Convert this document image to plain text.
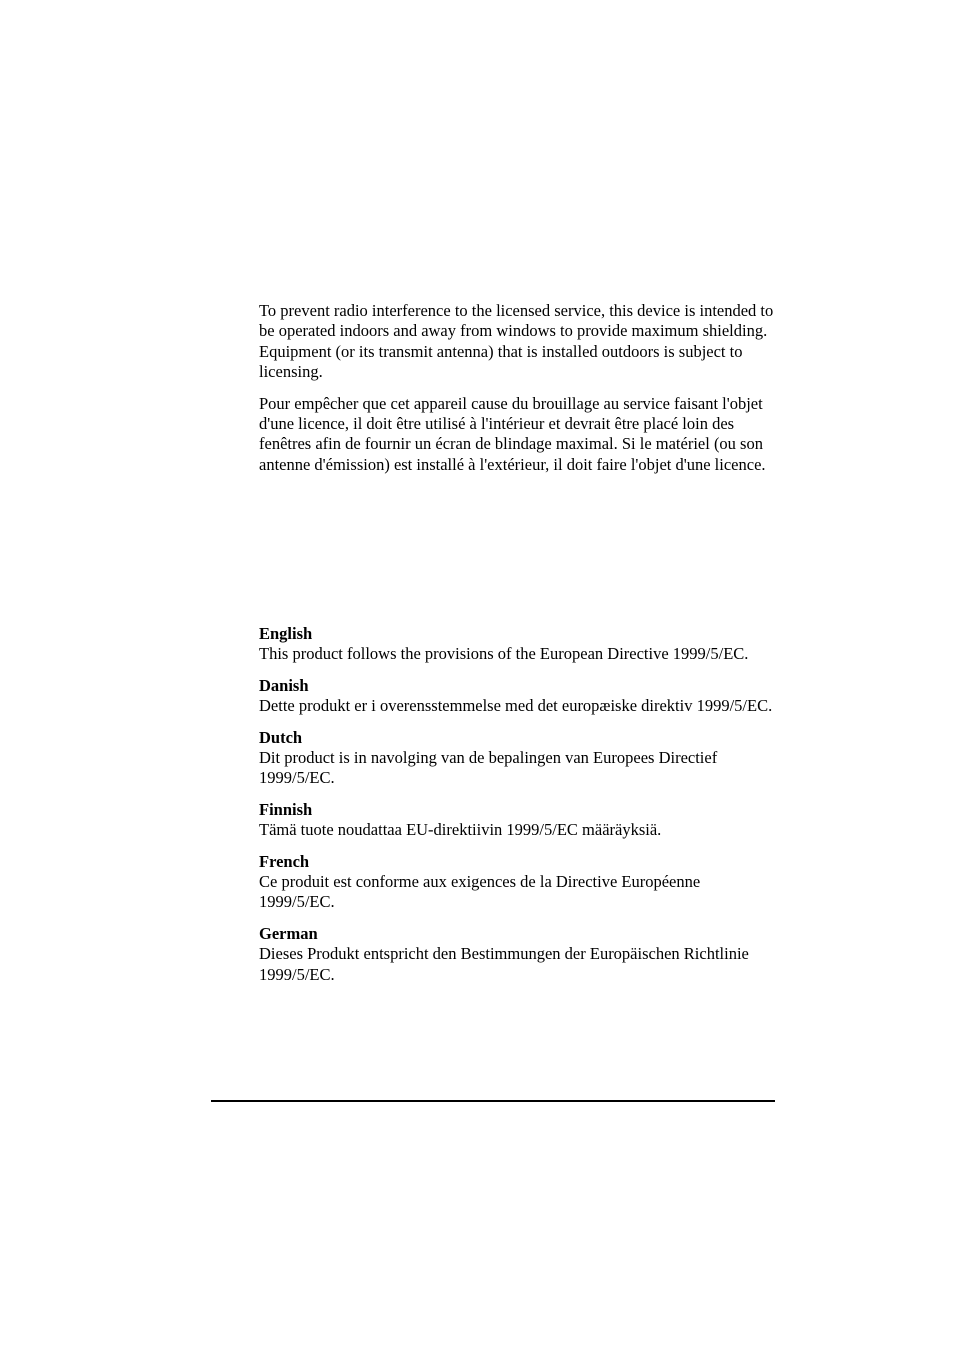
To prevent radio interference to the licensed service, this device is intended to be operated indoors and away from windows to provide maximum shielding. Equipment (or its transmit antenna) that is installed outdoors is subject to licensing.

Pour empêcher que cet appareil cause du brouillage au service faisant l'objet d'une licence, il doit être utilisé à l'intérieur et devrait être placé loin des fenêtres afin de fournir un écran de blindage maximal. Si le matériel (ou son antenne d'émission) est installé à l'extérieur, il doit faire l'objet d'une licence.

English
This product follows the provisions of the European Directive 1999/5/EC.
Danish
Dette produkt er i overensstemmelse med det europæiske direktiv 1999/5/EC.
Dutch
Dit product is in navolging van de bepalingen van Europees Directief 1999/5/EC.
Finnish
Tämä tuote noudattaa EU-direktiivin 1999/5/EC määräyksiä.
French
Ce produit est conforme aux exigences de la Directive Européenne 1999/5/EC.
German
Dieses Produkt entspricht den Bestimmungen der Europäischen Richtlinie 1999/5/EC.
